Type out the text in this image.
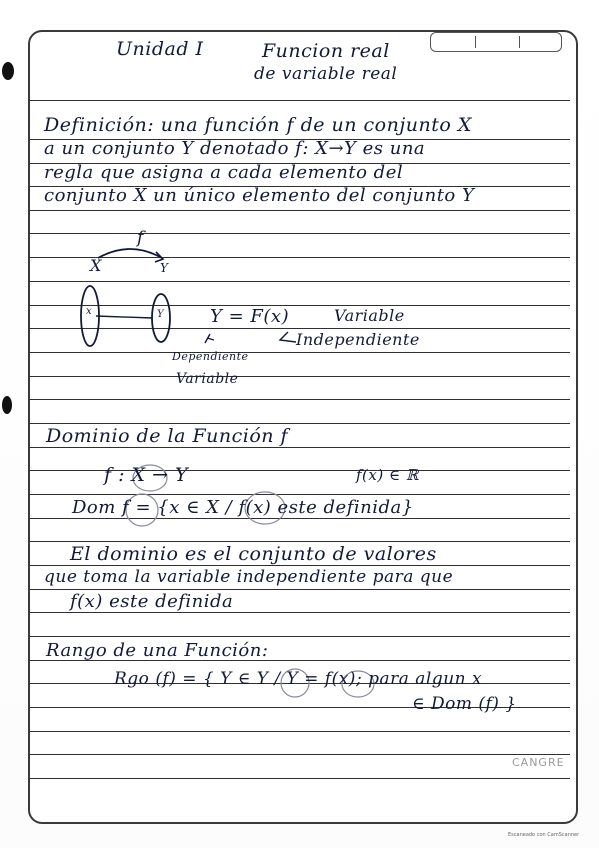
Unidad I	Funcion real
de variable real
Definición: una función f de un conjunto X
a un conjunto Y denotado f: X→Y es una
regla que asigna a cada elemento del
conjunto X un único elemento del conjunto Y
f
X	Y
x	Y	Y = F(x)	Variable
Independiente
Dependiente
Variable
Dominio de la Función f
f : X → Y	f(x) ∈ ℝ
Dom f = {x ∈ X / f(x) este definida}
El dominio es el conjunto de valores
que toma la variable independiente para que
f(x) este definida
Rango de una Función:
Rgo (f) = { Y ∈ Y / Y = f(x); para algun x
∈ Dom (f) }
CANGRE
Escaneado con CamScanner
